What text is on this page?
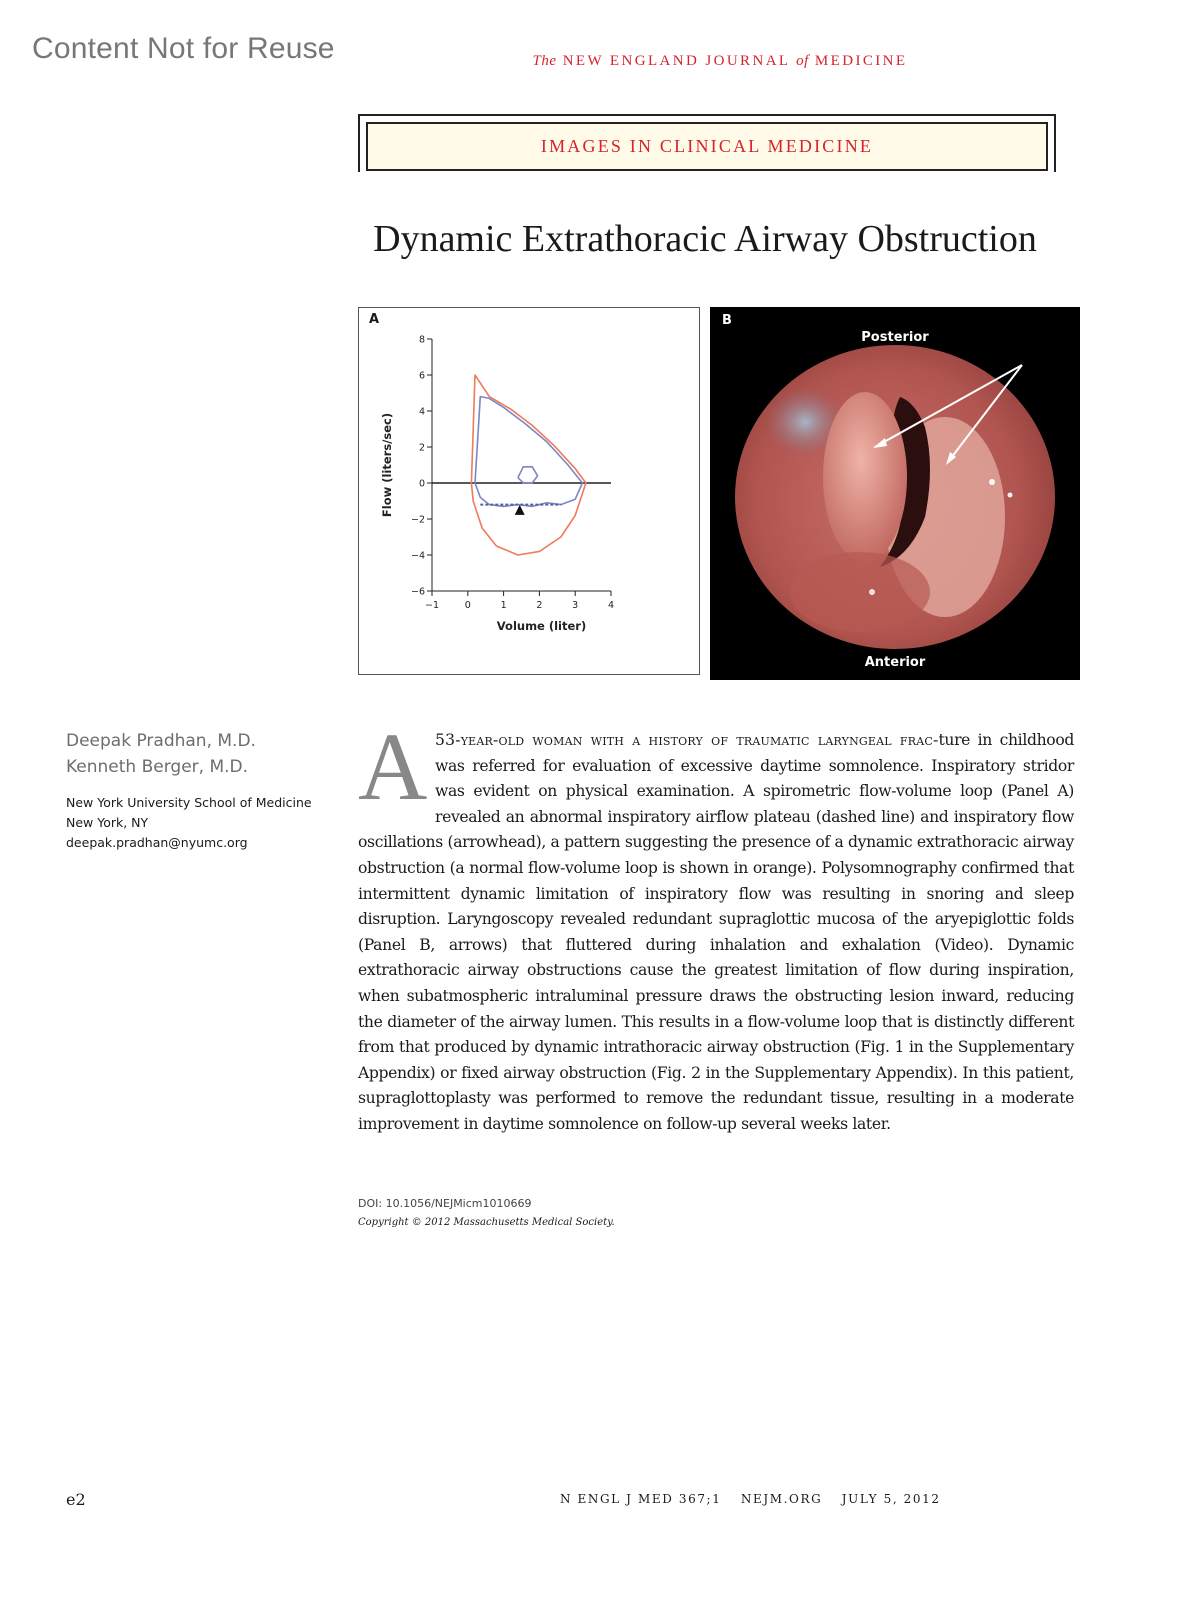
Content Not for Reuse	The NEW ENGLAND JOURNAL of MEDICINE
IMAGES IN CLINICAL MEDICINE
Dynamic Extrathoracic Airway Obstruction
A
−6
−4
−2
0
2
4
6
8
−1	0	1	2	3	4
Volume (liter)
Flow (liters/sec)
B
Posterior
Anterior
Deepak Pradhan, M.D.
Kenneth Berger, M.D.
New York University School of Medicine
New York, NY
deepak.pradhan@nyumc.org
A 53-year-old woman with a history of traumatic laryngeal frac-ture in childhood was referred for evaluation of excessive daytime somnolence. Inspiratory stridor was evident on physical examination. A spirometric flow-volume loop (Panel A) revealed an abnormal inspiratory airflow plateau (dashed line) and inspiratory flow oscillations (arrowhead), a pattern suggesting the presence of a dynamic extrathoracic airway obstruction (a normal flow-volume loop is shown in orange). Polysomnography confirmed that intermittent dynamic limitation of inspiratory flow was resulting in snoring and sleep disruption. Laryngoscopy revealed redundant supraglottic mucosa of the aryepiglottic folds (Panel B, arrows) that fluttered during inhalation and exhalation (Video). Dynamic extrathoracic airway obstructions cause the greatest limitation of flow during inspiration, when subatmospheric intraluminal pressure draws the obstructing lesion inward, reducing the diameter of the airway lumen. This results in a flow-volume loop that is distinctly different from that produced by dynamic intrathoracic airway obstruction (Fig. 1 in the Supplementary Appendix) or fixed airway obstruction (Fig. 2 in the Supplementary Appendix). In this patient, supraglottoplasty was performed to remove the redundant tissue, resulting in a moderate improvement in daytime somnolence on follow-up several weeks later.
DOI: 10.1056/NEJMicm1010669
Copyright © 2012 Massachusetts Medical Society.
e2	N ENGL J MED 367;1 NEJM.ORG JULY 5, 2012
